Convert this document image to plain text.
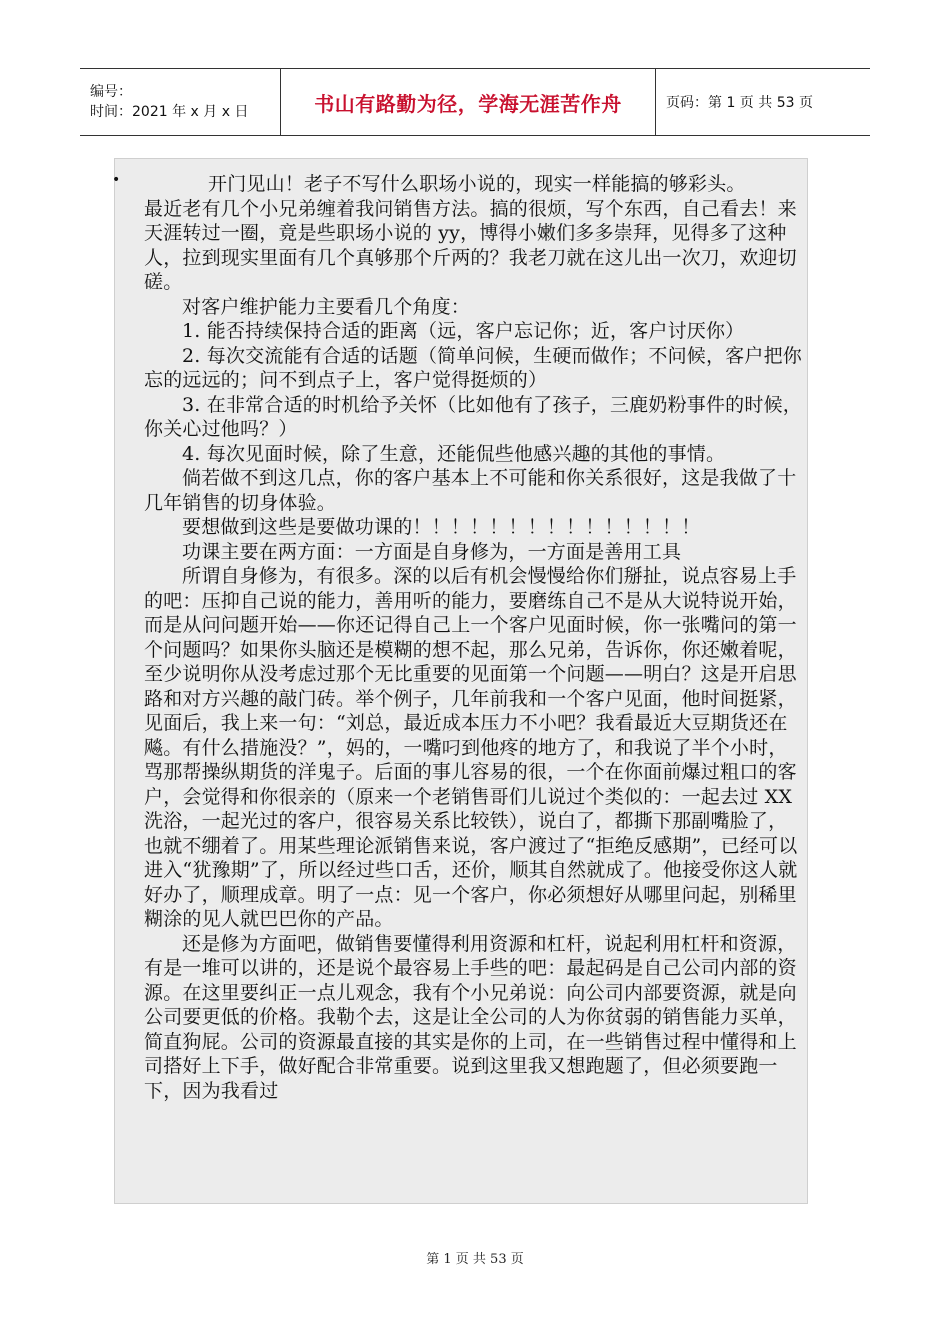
编号：
时间：2021 年 x 月 x 日	书山有路勤为径，学海无涯苦作舟	页码：第 1 页 共 53 页
•	开门见山！老子不写什么职场小说的，现实一样能搞的够彩头。

最近老有几个小兄弟缠着我问销售方法。搞的很烦，写个东西，自己看去！来天涯转过一圈，竟是些职场小说的 yy，博得小嫩们多多崇拜，见得多了这种人，拉到现实里面有几个真够那个斤两的？我老刀就在这儿出一次刀，欢迎切磋。

对客户维护能力主要看几个角度：

1. 能否持续保持合适的距离（远，客户忘记你；近，客户讨厌你）

2. 每次交流能有合适的话题（简单问候，生硬而做作；不问候，客户把你忘的远远的；问不到点子上，客户觉得挺烦的）

3. 在非常合适的时机给予关怀（比如他有了孩子，三鹿奶粉事件的时候，你关心过他吗？）

4. 每次见面时候，除了生意，还能侃些他感兴趣的其他的事情。

倘若做不到这几点，你的客户基本上不可能和你关系很好，这是我做了十几年销售的切身体验。

要想做到这些是要做功课的！！！！！！！！！！！！！！！

功课主要在两方面：一方面是自身修为，一方面是善用工具

所谓自身修为，有很多。深的以后有机会慢慢给你们掰扯，说点容易上手的吧：压抑自己说的能力，善用听的能力，要磨练自己不是从大说特说开始，而是从问问题开始——你还记得自己上一个客户见面时候，你一张嘴问的第一个问题吗？如果你头脑还是模糊的想不起，那么兄弟，告诉你，你还嫩着呢，至少说明你从没考虑过那个无比重要的见面第一个问题——明白？这是开启思路和对方兴趣的敲门砖。举个例子，几年前我和一个客户见面，他时间挺紧，见面后，我上来一句：“刘总，最近成本压力不小吧？我看最近大豆期货还在飚。有什么措施没？”，妈的，一嘴叼到他疼的地方了，和我说了半个小时，骂那帮操纵期货的洋鬼子。后面的事儿容易的很，一个在你面前爆过粗口的客户，会觉得和你很亲的（原来一个老销售哥们儿说过个类似的：一起去过 XX 洗浴，一起光过的客户，很容易关系比较铁），说白了，都撕下那副嘴脸了，也就不绷着了。用某些理论派销售来说，客户渡过了“拒绝反感期”，已经可以进入“犹豫期”了，所以经过些口舌，还价，顺其自然就成了。他接受你这人就好办了，顺理成章。明了一点：见一个客户，你必须想好从哪里问起，别稀里糊涂的见人就巴巴你的产品。

还是修为方面吧，做销售要懂得利用资源和杠杆，说起利用杠杆和资源，有是一堆可以讲的，还是说个最容易上手些的吧：最起码是自己公司内部的资源。在这里要纠正一点儿观念，我有个小兄弟说：向公司内部要资源，就是向公司要更低的价格。我勒个去，这是让全公司的人为你贫弱的销售能力买单，简直狗屁。公司的资源最直接的其实是你的上司，在一些销售过程中懂得和上司搭好上下手，做好配合非常重要。说到这里我又想跑题了，但必须要跑一下，因为我看过

第 1 页 共 53 页
